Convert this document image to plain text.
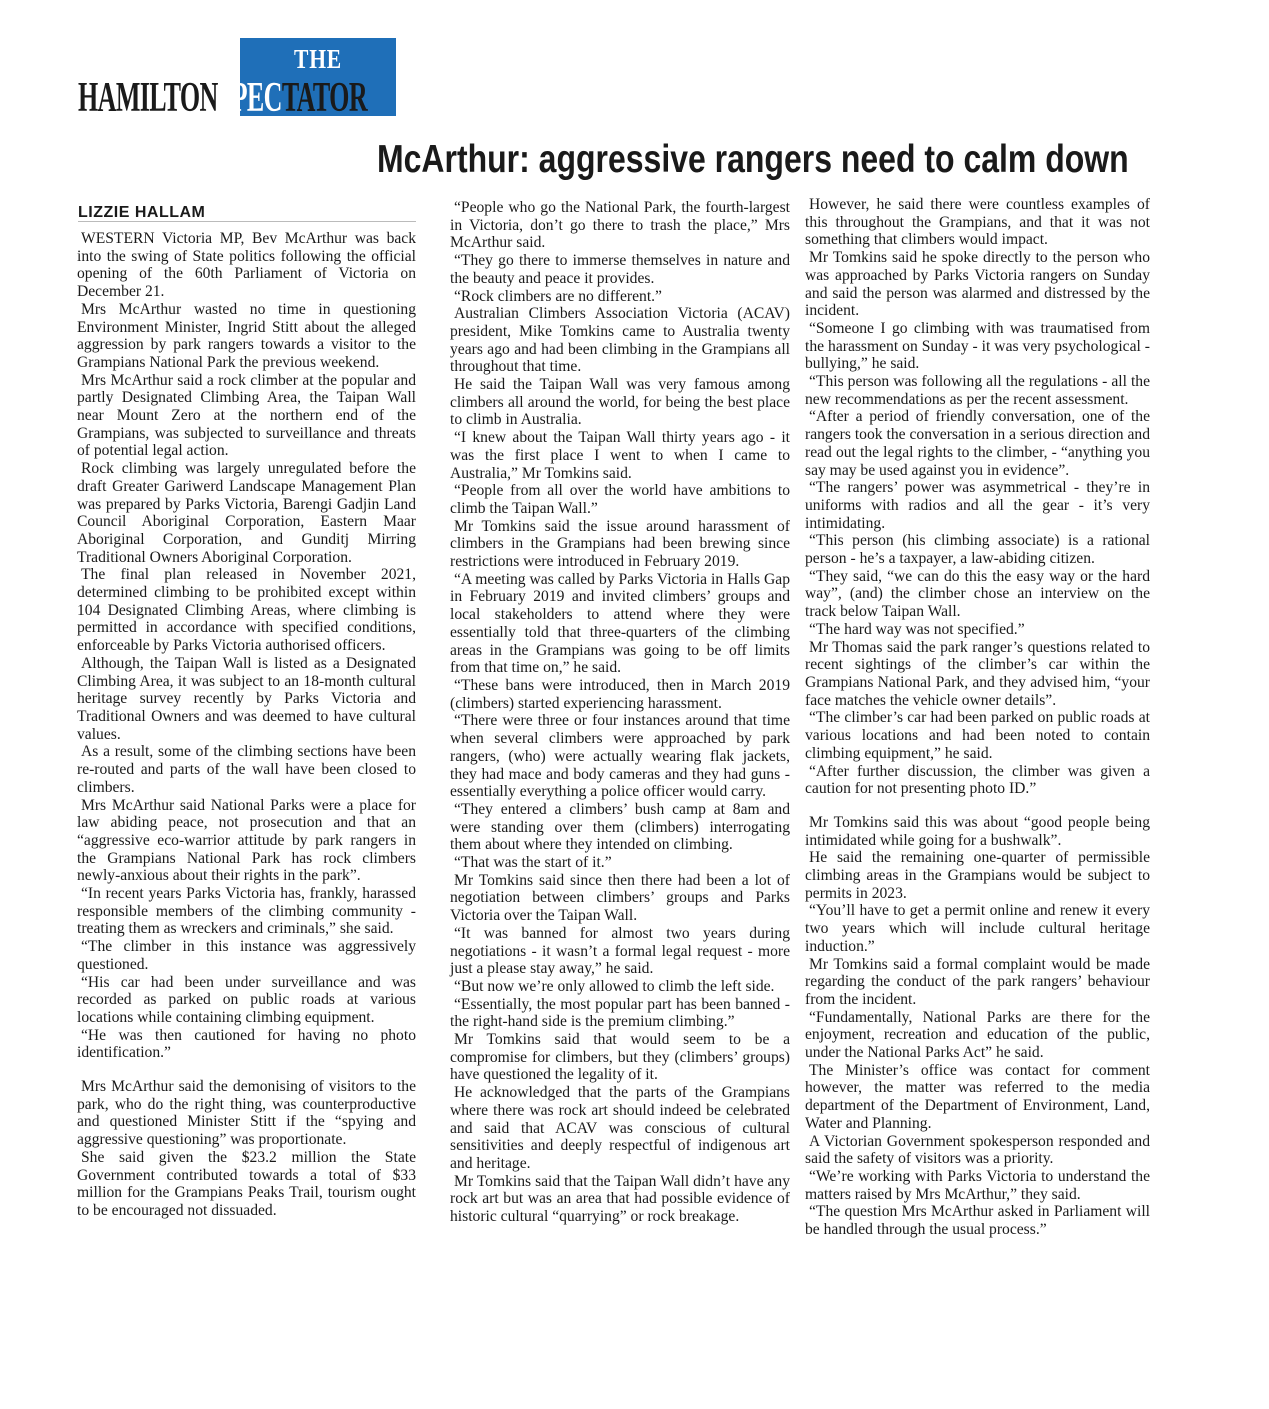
THE
HAMILTONSPECTATOR
McArthur: aggressive rangers need to calm down
LIZZIE HALLAM

WESTERN Victoria MP, Bev McArthur was back into the swing of State politics following the official opening of the 60th Parliament of Victoria on December 21.

Mrs McArthur wasted no time in questioning Environment Minister, Ingrid Stitt about the alleged aggression by park rangers towards a visitor to the Grampians National Park the previous weekend.

Mrs McArthur said a rock climber at the popular and partly Designated Climbing Area, the Taipan Wall near Mount Zero at the northern end of the Grampians, was subjected to surveillance and threats of potential legal action.

Rock climbing was largely unregulated before the draft Greater Gariwerd Landscape Management Plan was prepared by Parks Victoria, Barengi Gadjin Land Council Aboriginal Corporation, Eastern Maar Aboriginal Corporation, and Gunditj Mirring Traditional Owners Aboriginal Corporation.

The final plan released in November 2021, determined climbing to be prohibited except within 104 Designated Climbing Areas, where climbing is permitted in accordance with specified conditions, enforceable by Parks Victoria authorised officers.

Although, the Taipan Wall is listed as a Designated Climbing Area, it was subject to an 18-month cultural heritage survey recently by Parks Victoria and Traditional Owners and was deemed to have cultural values.

As a result, some of the climbing sections have been re-routed and parts of the wall have been closed to climbers.

Mrs McArthur said National Parks were a place for law abiding peace, not prosecution and that an “aggressive eco-warrior attitude by park rangers in the Grampians National Park has rock climbers newly-anxious about their rights in the park”.

“In recent years Parks Victoria has, frankly, harassed responsible members of the climbing community - treating them as wreckers and criminals,” she said.

“The climber in this instance was aggressively questioned.

“His car had been under surveillance and was recorded as parked on public roads at various locations while containing climbing equipment.

“He was then cautioned for having no photo identification.”

Mrs McArthur said the demonising of visitors to the park, who do the right thing, was counterproductive and questioned Minister Stitt if the “spying and aggressive questioning” was proportionate.

She said given the $23.2 million the State Government contributed towards a total of $33 million for the Grampians Peaks Trail, tourism ought to be encouraged not dissuaded.

“People who go the National Park, the fourth-largest in Victoria, don’t go there to trash the place,” Mrs McArthur said.

“They go there to immerse themselves in nature and the beauty and peace it provides.

“Rock climbers are no different.”

Australian Climbers Association Victoria (ACAV) president, Mike Tomkins came to Australia twenty years ago and had been climbing in the Grampians all throughout that time.

He said the Taipan Wall was very famous among climbers all around the world, for being the best place to climb in Australia.

“I knew about the Taipan Wall thirty years ago - it was the first place I went to when I came to Australia,” Mr Tomkins said.

“People from all over the world have ambitions to climb the Taipan Wall.”

Mr Tomkins said the issue around harassment of climbers in the Grampians had been brewing since restrictions were introduced in February 2019.

“A meeting was called by Parks Victoria in Halls Gap in February 2019 and invited climbers’ groups and local stakeholders to attend where they were essentially told that three-quarters of the climbing areas in the Grampians was going to be off limits from that time on,” he said.

“These bans were introduced, then in March 2019 (climbers) started experiencing harassment.

“There were three or four instances around that time when several climbers were approached by park rangers, (who) were actually wearing flak jackets, they had mace and body cameras and they had guns - essentially everything a police officer would carry.

“They entered a climbers’ bush camp at 8am and were standing over them (climbers) interrogating them about where they intended on climbing.

“That was the start of it.”

Mr Tomkins said since then there had been a lot of negotiation between climbers’ groups and Parks Victoria over the Taipan Wall.

“It was banned for almost two years during negotiations - it wasn’t a formal legal request - more just a please stay away,” he said.

“But now we’re only allowed to climb the left side.

“Essentially, the most popular part has been banned - the right-hand side is the premium climbing.”

Mr Tomkins said that would seem to be a compromise for climbers, but they (climbers’ groups) have questioned the legality of it.

He acknowledged that the parts of the Grampians where there was rock art should indeed be celebrated and said that ACAV was conscious of cultural sensitivities and deeply respectful of indigenous art and heritage.

Mr Tomkins said that the Taipan Wall didn’t have any rock art but was an area that had possible evidence of historic cultural “quarrying” or rock breakage.

However, he said there were countless examples of this throughout the Grampians, and that it was not something that climbers would impact.

Mr Tomkins said he spoke directly to the person who was approached by Parks Victoria rangers on Sunday and said the person was alarmed and distressed by the incident.

“Someone I go climbing with was traumatised from the harassment on Sunday - it was very psychological - bullying,” he said.

“This person was following all the regulations - all the new recommendations as per the recent assessment.

“After a period of friendly conversation, one of the rangers took the conversation in a serious direction and read out the legal rights to the climber, - “anything you say may be used against you in evidence”.

“The rangers’ power was asymmetrical - they’re in uniforms with radios and all the gear - it’s very intimidating.

“This person (his climbing associate) is a rational person - he’s a taxpayer, a law-abiding citizen.

“They said, “we can do this the easy way or the hard way”, (and) the climber chose an interview on the track below Taipan Wall.

“The hard way was not specified.”

Mr Thomas said the park ranger’s questions related to recent sightings of the climber’s car within the Grampians National Park, and they advised him, “your face matches the vehicle owner details”.

“The climber’s car had been parked on public roads at various locations and had been noted to contain climbing equipment,” he said.

“After further discussion, the climber was given a caution for not presenting photo ID.”

Mr Tomkins said this was about “good people being intimidated while going for a bushwalk”.

He said the remaining one-quarter of permissible climbing areas in the Grampians would be subject to permits in 2023.

“You’ll have to get a permit online and renew it every two years which will include cultural heritage induction.”

Mr Tomkins said a formal complaint would be made regarding the conduct of the park rangers’ behaviour from the incident.

“Fundamentally, National Parks are there for the enjoyment, recreation and education of the public, under the National Parks Act” he said.

The Minister’s office was contact for comment however, the matter was referred to the media department of the Department of Environment, Land, Water and Planning.

A Victorian Government spokesperson responded and said the safety of visitors was a priority.

“We’re working with Parks Victoria to understand the matters raised by Mrs McArthur,” they said.

“The question Mrs McArthur asked in Parliament will be handled through the usual process.”
